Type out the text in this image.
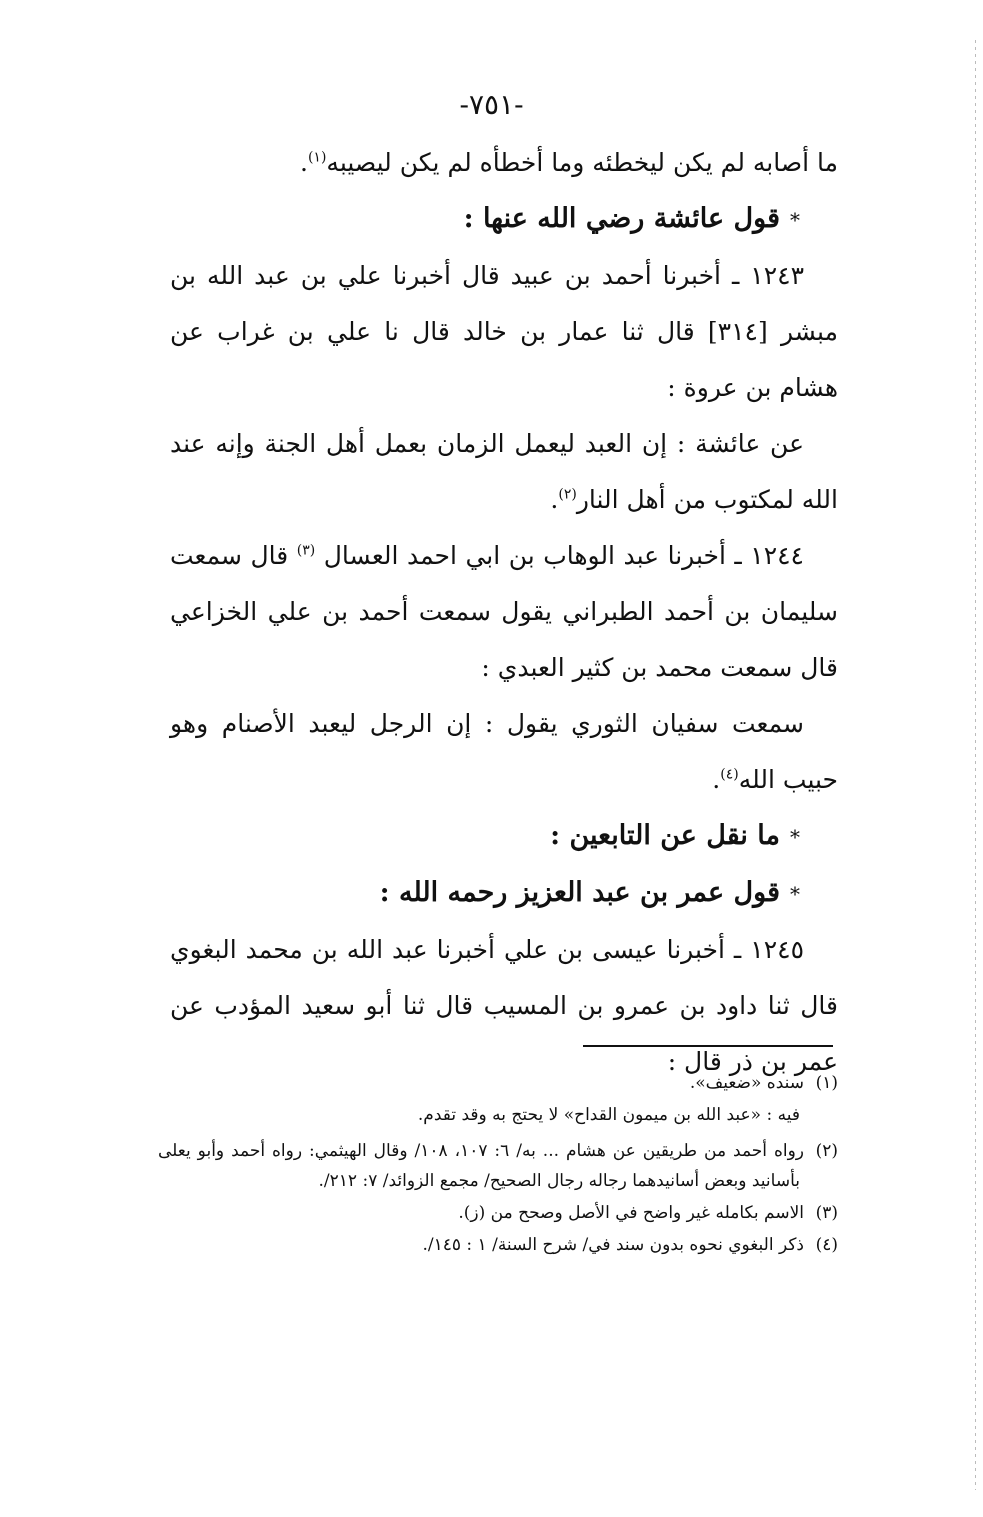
-٧٥١-

ما أصابه لم يكن ليخطئه وما أخطأه لم يكن ليصيبه$^{(١)}$.

*قول عائشة رضي الله عنها :

١٢٤٣ ـ أخبرنا أحمد بن عبيد قال أخبرنا علي بن عبد الله بن مبشر [٣١٤] قال ثنا عمار بن خالد قال نا علي بن غراب عن هشام بن عروة :

عن عائشة : إن العبد ليعمل الزمان بعمل أهل الجنة وإنه عند الله لمكتوب من أهل النار$^{(٢)}$.

١٢٤٤ ـ أخبرنا عبد الوهاب بن ابي احمد العسال $^{(٣)}$ قال سمعت سليمان بن أحمد الطبراني يقول سمعت أحمد بن علي الخزاعي قال سمعت محمد بن كثير العبدي :

سمعت سفيان الثوري يقول : إن الرجل ليعبد الأصنام وهو حبيب الله$^{(٤)}$.

*ما نقل عن التابعين :

*قول عمر بن عبد العزيز رحمه الله :

١٢٤٥ ـ أخبرنا عيسى بن علي أخبرنا عبد الله بن محمد البغوي قال ثنا داود بن عمرو بن المسيب قال ثنا أبو سعيد المؤدب عن عمر بن ذر قال :

(١)سنده «ضعيف».

فيه : «عبد الله بن ميمون القداح» لا يحتج به وقد تقدم.

(٢)رواه أحمد من طريقين عن هشام ... به/ ٦: ١٠٧، ١٠٨/ وقال الهيثمي: رواه أحمد وأبو يعلى بأسانيد وبعض أسانيدهما رجاله رجال الصحيح/ مجمع الزوائد/ ٧: ٢١٢/.

(٣)الاسم بكامله غير واضح في الأصل وصحح من (ز).

(٤)ذكر البغوي نحوه بدون سند في/ شرح السنة/ ١ : ١٤٥/.
